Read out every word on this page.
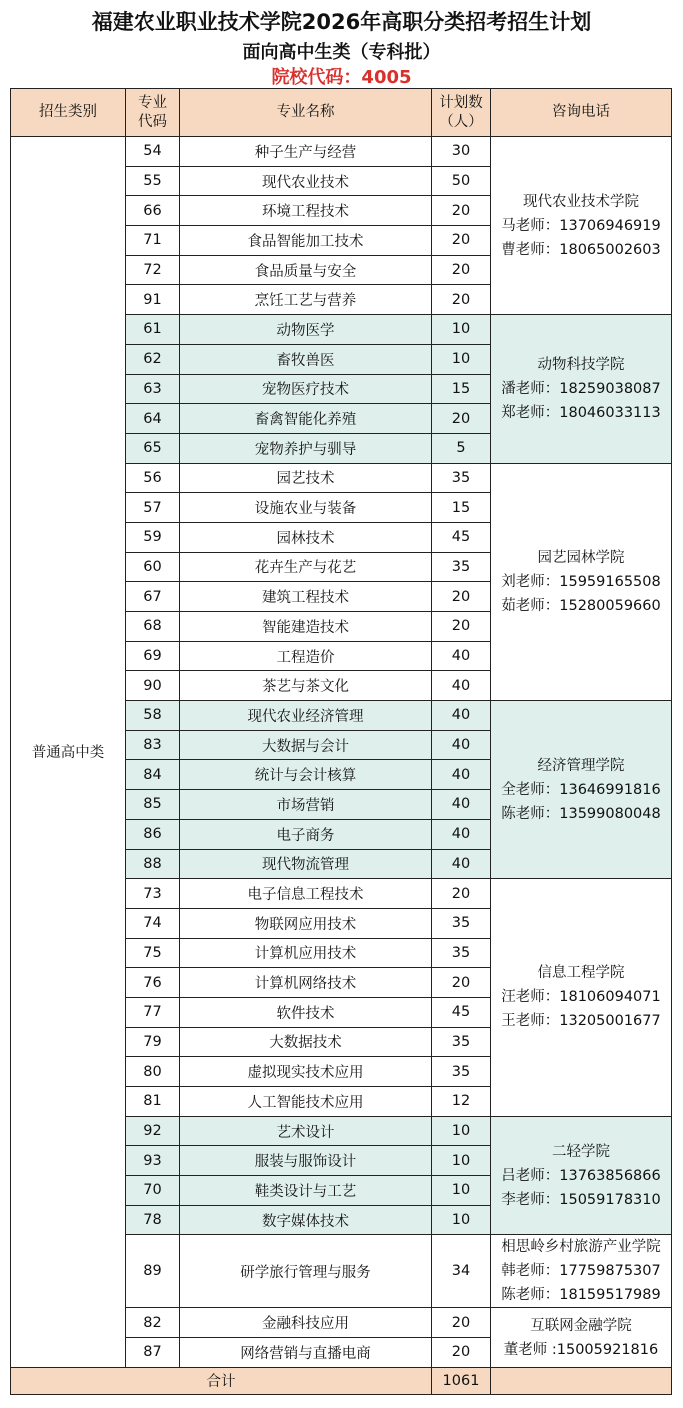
福建农业职业技术学院2026年高职分类招考招生计划
面向高中生类（专科批）
院校代码：4005
招生类别	专业代码	专业名称	计划数（人）	咨询电话
普通高中类	54	种子生产与经营	30	现代农业技术学院
马老师：13706946919
曹老师：18065002603

	55	现代农业技术	50	
	66	环境工程技术	20	
	71	食品智能加工技术	20	
	72	食品质量与安全	20	
	91	烹饪工艺与营养	20	
	61	动物医学	10	动物科技学院
潘老师：18259038087
郑老师：18046033113

	62	畜牧兽医	10	
	63	宠物医疗技术	15	
	64	畜禽智能化养殖	20	
	65	宠物养护与驯导	5	
	56	园艺技术	35	园艺园林学院
刘老师：15959165508
茹老师：15280059660

	57	设施农业与装备	15	
	59	园林技术	45	
	60	花卉生产与花艺	35	
	67	建筑工程技术	20	
	68	智能建造技术	20	
	69	工程造价	40	
	90	茶艺与茶文化	40	
	58	现代农业经济管理	40	经济管理学院
全老师：13646991816
陈老师：13599080048

	83	大数据与会计	40	
	84	统计与会计核算	40	
	85	市场营销	40	
	86	电子商务	40	
	88	现代物流管理	40	
	73	电子信息工程技术	20	信息工程学院
汪老师：18106094071
王老师：13205001677

	74	物联网应用技术	35	
	75	计算机应用技术	35	
	76	计算机网络技术	20	
	77	软件技术	45	
	79	大数据技术	35	
	80	虚拟现实技术应用	35	
	81	人工智能技术应用	12	
	92	艺术设计	10	二轻学院
吕老师：13763856866
李老师：15059178310

	93	服装与服饰设计	10	
	70	鞋类设计与工艺	10	
	78	数字媒体技术	10	
	89	研学旅行管理与服务	34	相思岭乡村旅游产业学院
韩老师：17759875307
陈老师：18159517989

	82	金融科技应用	20	互联网金融学院
董老师 :15005921816

	87	网络营销与直播电商	20	
合计			1061	
